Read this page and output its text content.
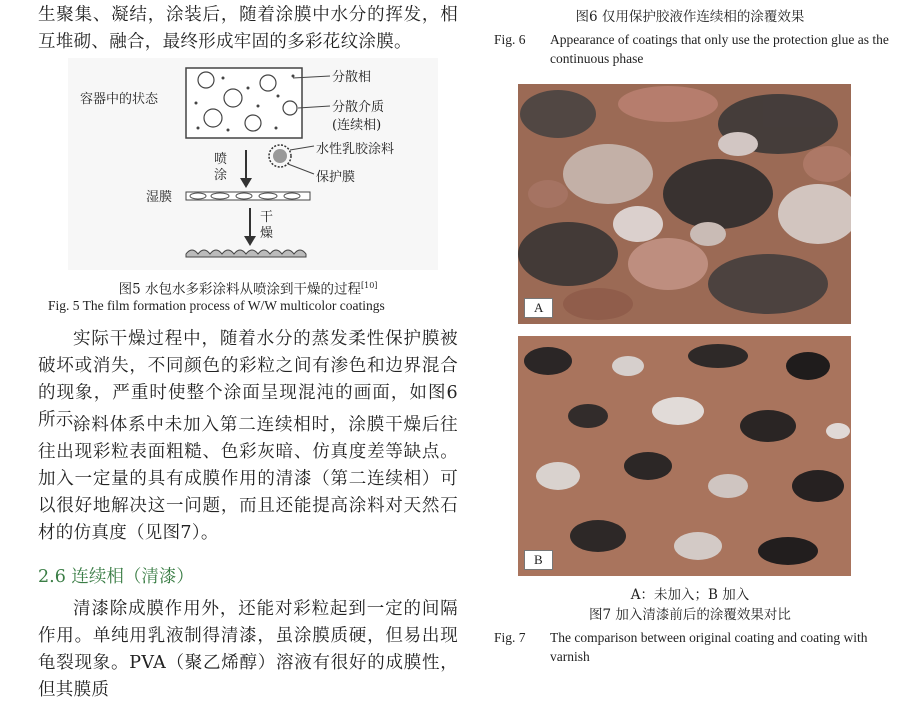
生聚集、凝结，涂装后，随着涂膜中水分的挥发，相互堆砌、融合，最终形成牢固的多彩花纹涂膜。

容器中的状态
分散相
分散介质
(连续相)
水性乳胶涂料
喷涂	保护膜
湿膜
干燥

图5 水包水多彩涂料从喷涂到干燥的过程[10]

Fig. 5 The film formation process of W/W multicolor coatings

实际干燥过程中，随着水分的蒸发柔性保护膜被破坏或消失，不同颜色的彩粒之间有渗色和边界混合的现象，严重时使整个涂面呈现混沌的画面，如图6所示。

涂料体系中未加入第二连续相时，涂膜干燥后往往出现彩粒表面粗糙、色彩灰暗、仿真度差等缺点。加入一定量的具有成膜作用的清漆（第二连续相）可以很好地解决这一问题，而且还能提高涂料对天然石材的仿真度（见图7）。

2.6 连续相（清漆）

清漆除成膜作用外，还能对彩粒起到一定的间隔作用。单纯用乳液制得清漆，虽涂膜质硬，但易出现龟裂现象。PVA（聚乙烯醇）溶液有很好的成膜性，但其膜质

图6 仅用保护胶液作连续相的涂覆效果

Fig. 6 Appearance of coatings that only use the protection glue as the continuous phase

A
B

A：未加入；B 加入

图7 加入清漆前后的涂覆效果对比

Fig. 7 The comparison between original coating and coating with varnish
